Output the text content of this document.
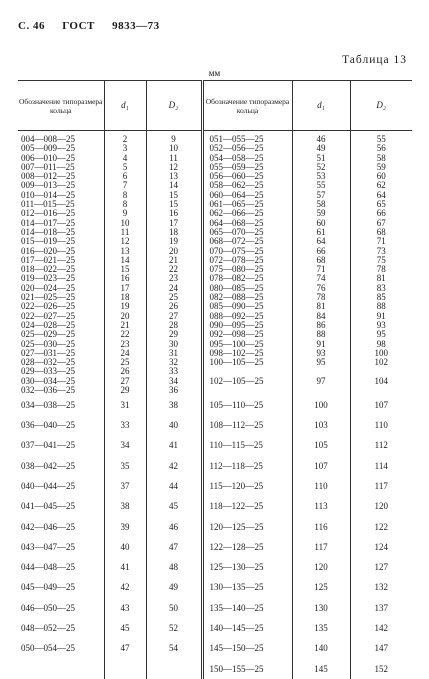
С. 46 ГОСТ 9833—73
Таблица 13
мм
Обозначение типоразмера кольца	d₁	D₂	Обозначение типоразмера кольца	d₁	D₂
004—008—25	2	9	051—055—25	46	55
005—009—25	3	10	052—056—25	49	56
006—010—25	4	11	054—058—25	51	58
007—011—25	5	12	055—059—25	52	59
008—012—25	6	13	056—060—25	53	60
009—013—25	7	14	058—062—25	55	62
010—014—25	8	15	060—064—25	57	64
011—015—25	8	15	061—065—25	58	65
012—016—25	9	16	062—066—25	59	66
014—017—25	10	17	064—068—25	60	67
014—018—25	11	18	065—070—25	61	68
015—019—25	12	19	068—072—25	64	71
016—020—25	13	20	070—075—25	66	73
017—021—25	14	21	072—078—25	68	75
018—022—25	15	22	075—080—25	71	78
019—023—25	16	23	078—082—25	74	81
020—024—25	17	24	080—085—25	76	83
021—025—25	18	25	082—088—25	78	85
022—026—25	19	26	085—090—25	81	88
022—027—25	20	27	088—092—25	84	91
024—028—25	21	28	090—095—25	86	93
025—029—25	22	29	092—098—25	88	95
025—030—25	23	30	095—100—25	91	98
027—031—25	24	31	098—102—25	93	100
028—032—25	25	32	100—105—25	95	102
029—033—25	26	33			
030—034—25	27	34	102—105—25	97	104
032—036—25	29	36			
034—038—25	31	38	105—110—25	100	107
036—040—25	33	40	108—112—25	103	110
037—041—25	34	41	110—115—25	105	112
038—042—25	35	42	112—118—25	107	114
040—044—25	37	44	115—120—25	110	117
041—045—25	38	45	118—122—25	113	120
042—046—25	39	46	120—125—25	116	122
043—047—25	40	47	122—128—25	117	124
044—048—25	41	48	125—130—25	120	127
045—049—25	42	49	130—135—25	125	132
046—050—25	43	50	135—140—25	130	137
048—052—25	45	52	140—145—25	135	142
050—054—25	47	54	145—150—25	140	147
			150—155—25	145	152
